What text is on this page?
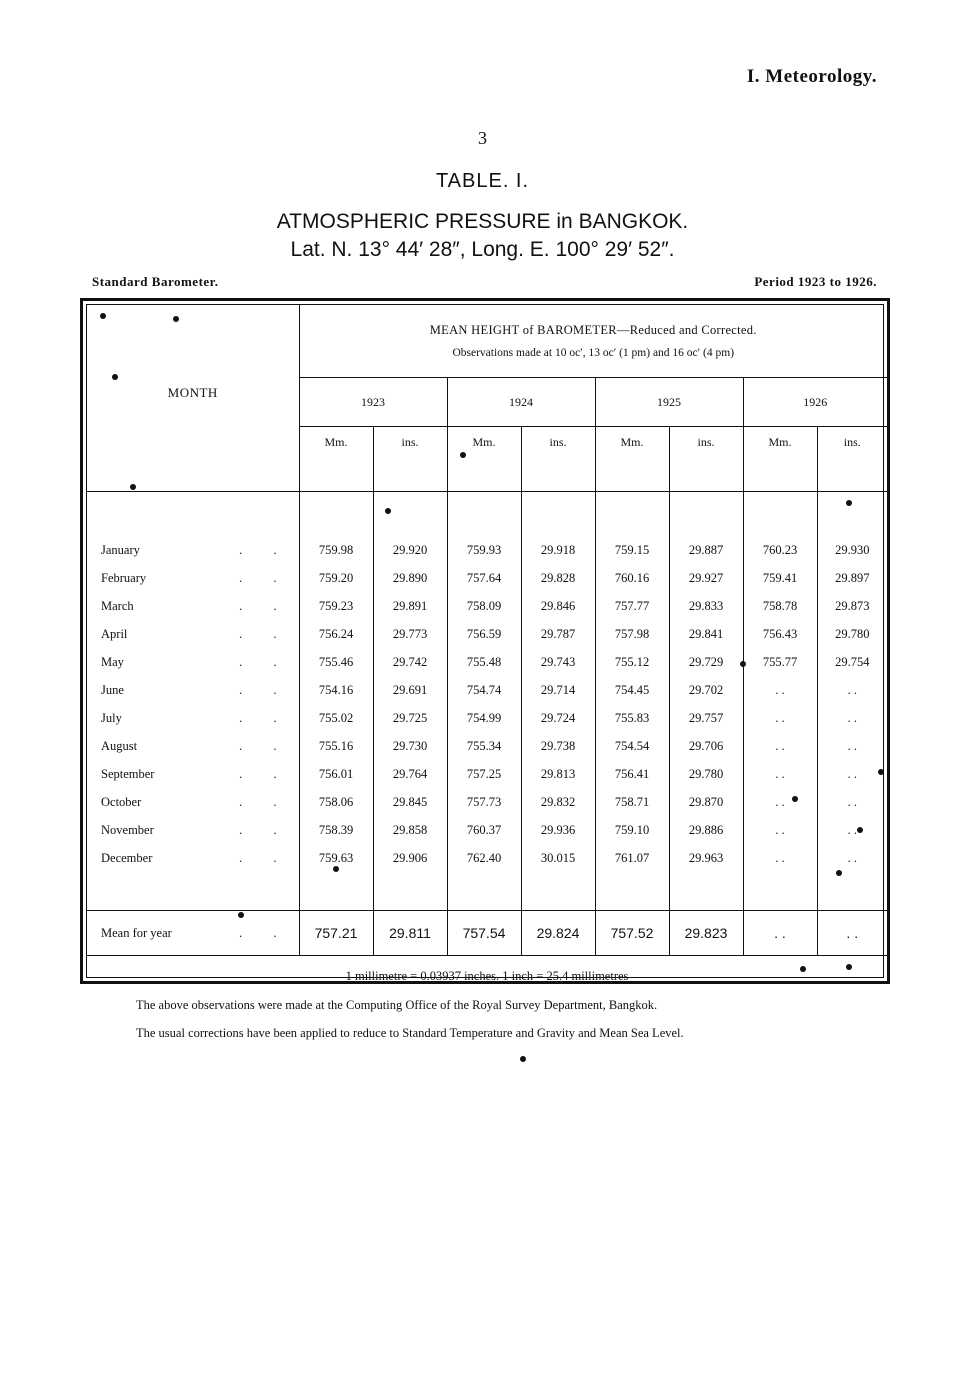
I. Meteorology.
3
TABLE. I.
ATMOSPHERIC PRESSURE in BANGKOK.
Lat. N. 13° 44′ 28″, Long. E. 100° 29′ 52″.
Standard Barometer.	Period 1923 to 1926.
MONTH	MEAN HEIGHT of BAROMETER—Reduced and Corrected.
Observations made at 10 oc′, 13 oc′ (1 pm) and 16 oc′ (4 pm)							

	1923		1924		1925		1926	
	Mm.	ins.	Mm.	ins.	Mm.	ins.	Mm.	ins.

January . .	759.98	29.920	759.93	29.918	759.15	29.887	760.23	29.930
February . .	759.20	29.890	757.64	29.828	760.16	29.927	759.41	29.897
March . .	759.23	29.891	758.09	29.846	757.77	29.833	758.78	29.873
April . .	756.24	29.773	756.59	29.787	757.98	29.841	756.43	29.780
May . .	755.46	29.742	755.48	29.743	755.12	29.729	755.77	29.754
June . .	754.16	29.691	754.74	29.714	754.45	29.702	. .	. .
July . .	755.02	29.725	754.99	29.724	755.83	29.757	. .	. .
August . .	755.16	29.730	755.34	29.738	754.54	29.706	. .	. .
September . .	756.01	29.764	757.25	29.813	756.41	29.780	. .	. .
October . .	758.06	29.845	757.73	29.832	758.71	29.870	. .	. .
November . .	758.39	29.858	760.37	29.936	759.10	29.886	. .	. .
December . .	759.63	29.906	762.40	30.015	761.07	29.963	. .	. .

Mean for year . .	757.21	29.811	757.54	29.824	757.52	29.823	. .	. .
1 millimetre = 0.03937 inches. 1 inch = 25.4 millimetres								
The above observations were made at the Computing Office of the Royal Survey Department, Bangkok.
The usual corrections have been applied to reduce to Standard Temperature and Gravity and Mean Sea Level.
